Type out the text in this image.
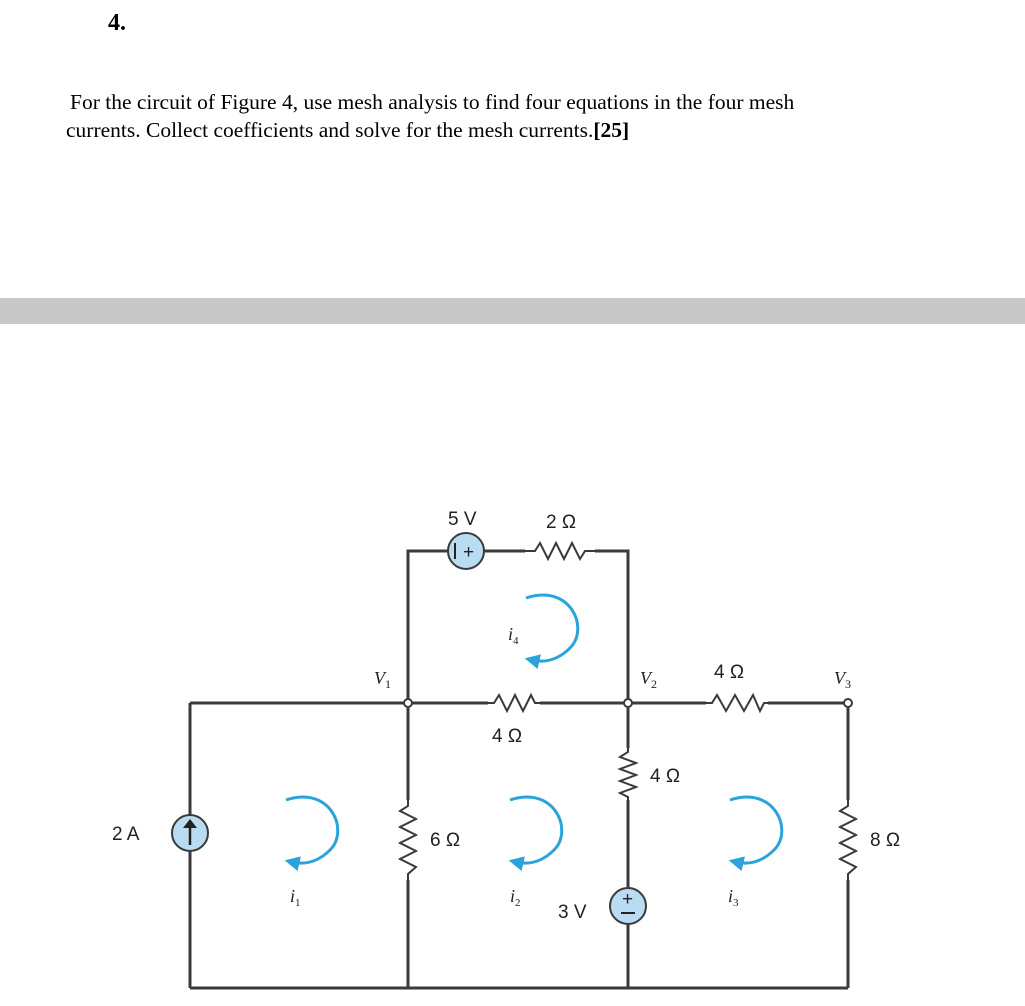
4.
For the circuit of Figure 4, use mesh analysis to find four equations in the four mesh
currents. Collect coefficients and solve for the mesh currents.[25]
+
+
2 A
5 V	2 Ω
4 Ω
6 Ω
4 Ω
4 Ω
8 Ω
3 V
$V_1$	$V_2$	$V_3$
$i_1$	$i_2$	$i_3$
$i_4$
